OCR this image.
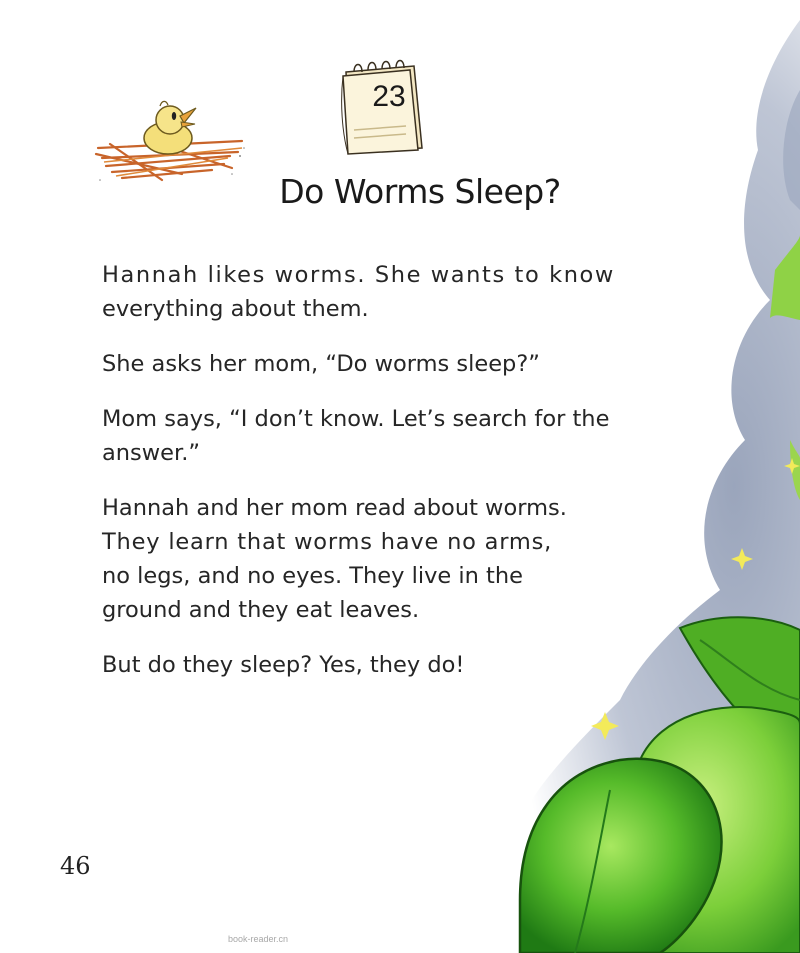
23
Do Worms Sleep?

Hannah likes worms. She wants to know
everything about them.

She asks her mom, “Do worms sleep?”

Mom says, “I don’t know. Let’s search for the
answer.”

Hannah and her mom read about worms.
They learn that worms have no arms,
no legs, and no eyes. They live in the
ground and they eat leaves.

But do they sleep? Yes, they do!

46
book-reader.cn
